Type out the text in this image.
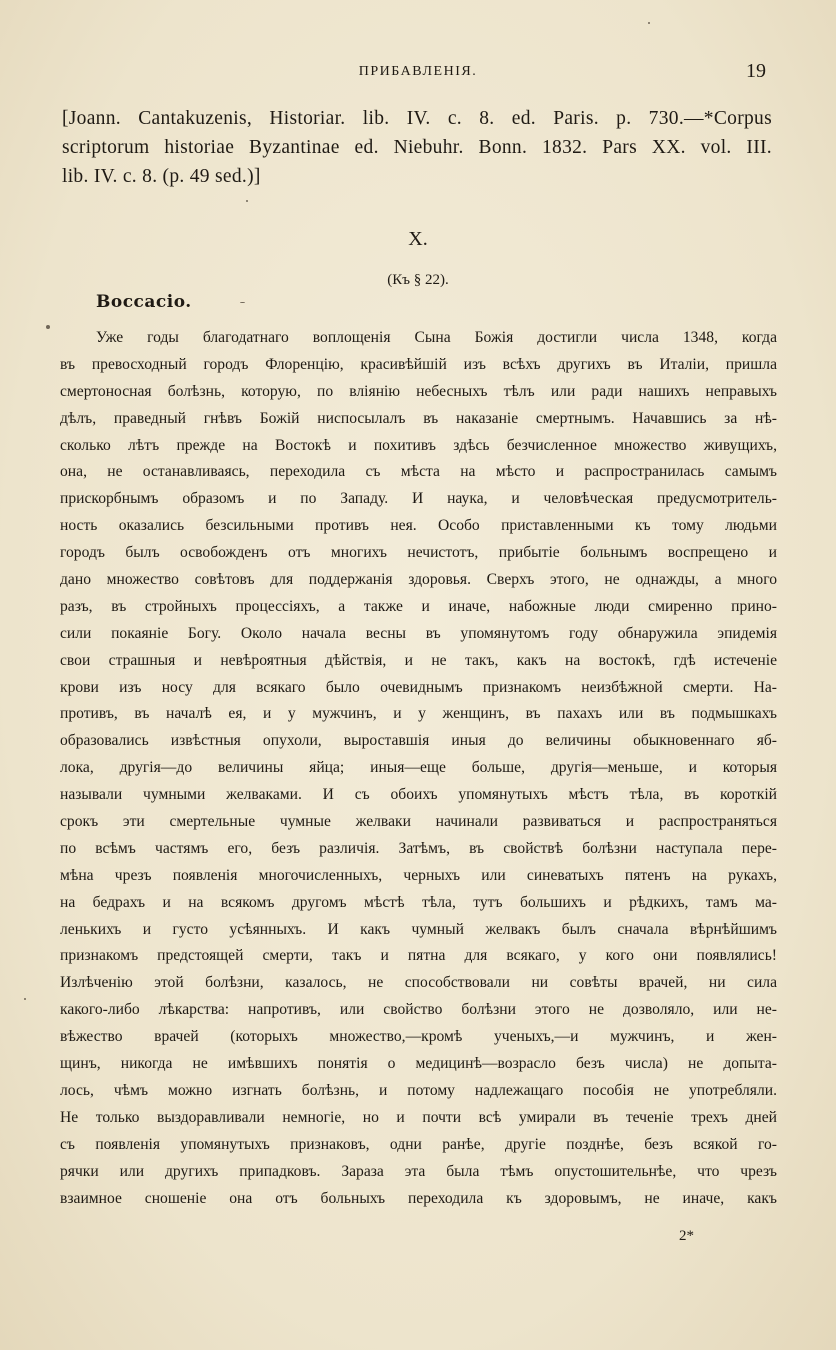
ПРИБАВЛЕНІЯ.	19
[Joann. Cantakuzenis, Historiar. lib. IV. c. 8. ed. Paris. p. 730.—*Corpus
scriptorum historiae Byzantinae ed. Niebuhr. Bonn. 1832. Pars XX. vol. III.
lib. IV. c. 8. (p. 49 sed.)]
X.
(Къ § 22).
Boccacio.
Уже годы благодатнаго воплощенія Сына Божія достигли числа 1348, когда
въ превосходный городъ Флоренцію, красивѣйшій изъ всѣхъ другихъ въ Италіи, пришла
смертоносная болѣзнь, которую, по вліянію небесныхъ тѣлъ или ради нашихъ неправыхъ
дѣлъ, праведный гнѣвъ Божій ниспосылалъ въ наказаніе смертнымъ. Начавшись за нѣ-
сколько лѣтъ прежде на Востокѣ и похитивъ здѣсь безчисленное множество живущихъ,
она, не останавливаясь, переходила съ мѣста на мѣсто и распространилась самымъ
прискорбнымъ образомъ и по Западу. И наука, и человѣческая предусмотритель-
ность оказались безсильными противъ нея. Особо приставленными къ тому людьми
городъ былъ освобожденъ отъ многихъ нечистотъ, прибытіе больнымъ воспрещено и
дано множество совѣтовъ для поддержанія здоровья. Сверхъ этого, не однажды, а много
разъ, въ стройныхъ процессіяхъ, а также и иначе, набожные люди смиренно прино-
сили покаяніе Богу. Около начала весны въ упомянутомъ году обнаружила эпидемія
свои страшныя и невѣроятныя дѣйствія, и не такъ, какъ на востокѣ, гдѣ истеченіе
крови изъ носу для всякаго было очевиднымъ признакомъ неизбѣжной смерти. На-
противъ, въ началѣ ея, и у мужчинъ, и у женщинъ, въ пахахъ или въ подмышкахъ
образовались извѣстныя опухоли, выроставшія иныя до величины обыкновеннаго яб-
лока, другія—до величины яйца; иныя—еще больше, другія—меньше, и которыя
называли чумными желваками. И съ обоихъ упомянутыхъ мѣстъ тѣла, въ короткій
срокъ эти смертельные чумные желваки начинали развиваться и распространяться
по всѣмъ частямъ его, безъ различія. Затѣмъ, въ свойствѣ болѣзни наступала пере-
мѣна чрезъ появленія многочисленныхъ, черныхъ или синеватыхъ пятенъ на рукахъ,
на бедрахъ и на всякомъ другомъ мѣстѣ тѣла, тутъ большихъ и рѣдкихъ, тамъ ма-
ленькихъ и густо усѣянныхъ. И какъ чумный желвакъ былъ сначала вѣрнѣйшимъ
признакомъ предстоящей смерти, такъ и пятна для всякаго, у кого они появлялись!
Излѣченію этой болѣзни, казалось, не способствовали ни совѣты врачей, ни сила
какого-либо лѣкарства: напротивъ, или свойство болѣзни этого не дозволяло, или не-
вѣжество врачей (которыхъ множество,—кромѣ ученыхъ,—и мужчинъ, и жен-
щинъ, никогда не имѣвшихъ понятія о медицинѣ—возрасло безъ числа) не допыта-
лось, чѣмъ можно изгнать болѣзнь, и потому надлежащаго пособія не употребляли.
Не только выздоравливали немногіе, но и почти всѣ умирали въ теченіе трехъ дней
съ появленія упомянутыхъ признаковъ, одни ранѣе, другіе позднѣе, безъ всякой го-
рячки или другихъ припадковъ. Зараза эта была тѣмъ опустошительнѣе, что чрезъ
взаимное сношеніе она отъ больныхъ переходила къ здоровымъ, не иначе, какъ
2*
